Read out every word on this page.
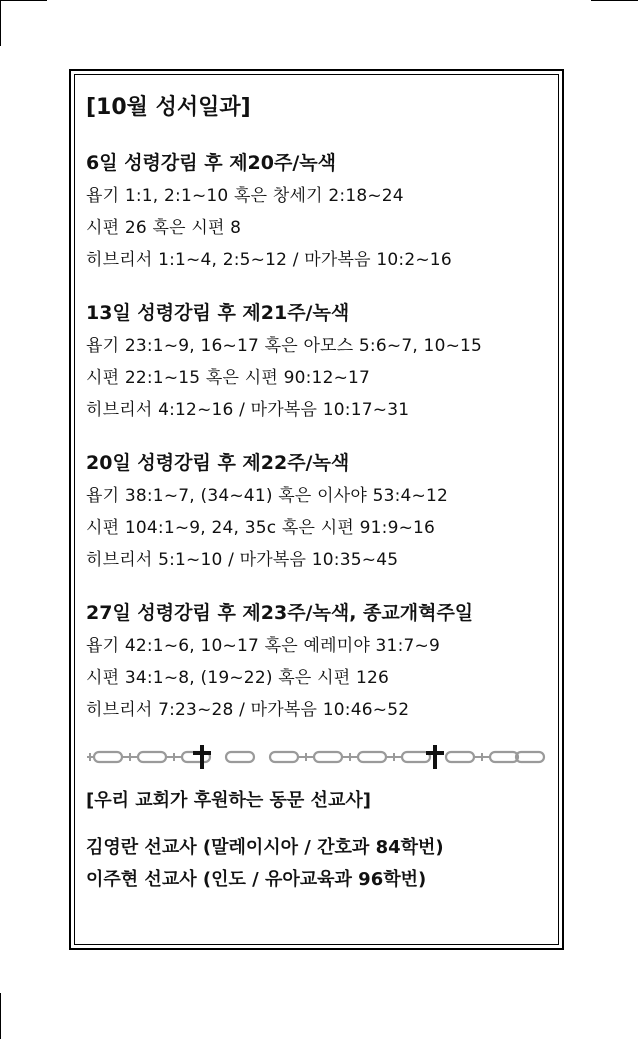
[10월 성서일과]
6일 성령강림 후 제20주/녹색
욥기 1:1, 2:1~10 혹은 창세기 2:18~24
시편 26 혹은 시편 8
히브리서 1:1~4, 2:5~12 / 마가복음 10:2~16
13일 성령강림 후 제21주/녹색
욥기 23:1~9, 16~17 혹은 아모스 5:6~7, 10~15
시편 22:1~15 혹은 시편 90:12~17
히브리서 4:12~16 / 마가복음 10:17~31
20일 성령강림 후 제22주/녹색
욥기 38:1~7, (34~41) 혹은 이사야 53:4~12
시편 104:1~9, 24, 35c 혹은 시편 91:9~16
히브리서 5:1~10 / 마가복음 10:35~45
27일 성령강림 후 제23주/녹색, 종교개혁주일
욥기 42:1~6, 10~17 혹은 예레미야 31:7~9
시편 34:1~8, (19~22) 혹은 시편 126
히브리서 7:23~28 / 마가복음 10:46~52
[우리 교회가 후원하는 동문 선교사]
김영란 선교사 (말레이시아 / 간호과 84학번)
이주현 선교사 (인도 / 유아교육과 96학번)
